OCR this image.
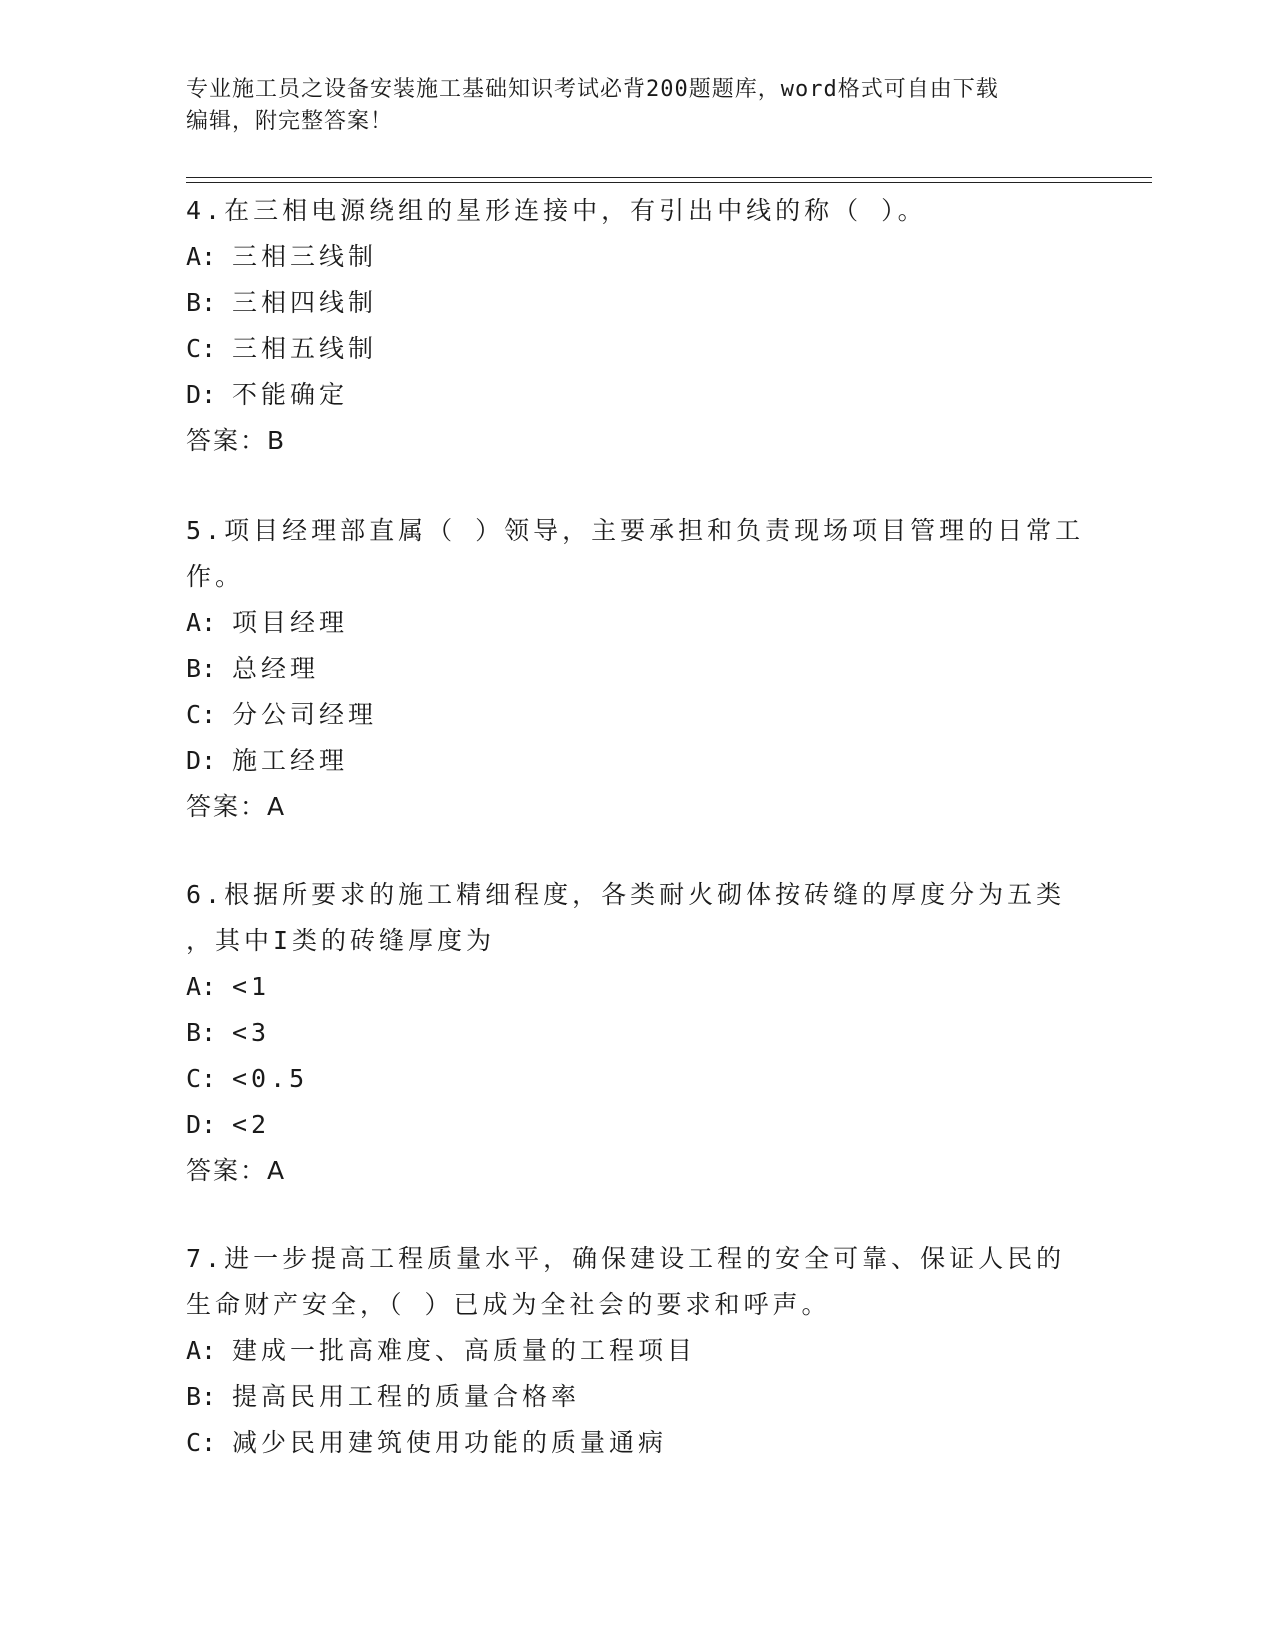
专业施工员之设备安装施工基础知识考试必背200题题库，word格式可自由下载
编辑，附完整答案！
4.在三相电源绕组的星形连接中，有引出中线的称（ ）。
A: 三相三线制
B: 三相四线制
C: 三相五线制
D: 不能确定
答案：B
5.项目经理部直属（ ）领导，主要承担和负责现场项目管理的日常工
作。
A: 项目经理
B: 总经理
C: 分公司经理
D: 施工经理
答案：A
6.根据所要求的施工精细程度，各类耐火砌体按砖缝的厚度分为五类
，其中I类的砖缝厚度为
A: <1
B: <3
C: <0.5
D: <2
答案：A
7.进一步提高工程质量水平，确保建设工程的安全可靠、保证人民的
生命财产安全，（ ）已成为全社会的要求和呼声。
A: 建成一批高难度、高质量的工程项目
B: 提高民用工程的质量合格率
C: 减少民用建筑使用功能的质量通病
